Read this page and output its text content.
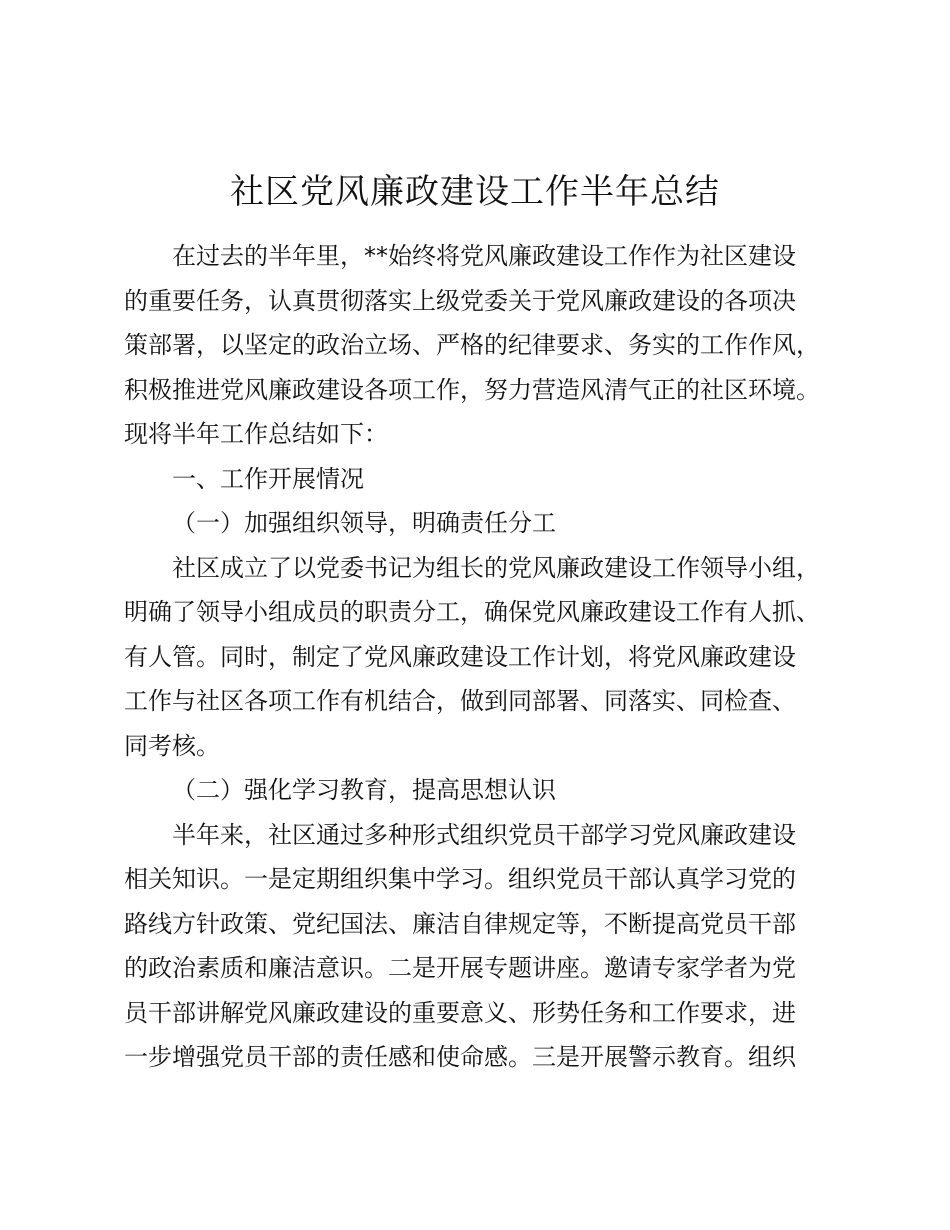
社区党风廉政建设工作半年总结
在过去的半年里，**始终将党风廉政建设工作作为社区建设
的重要任务，认真贯彻落实上级党委关于党风廉政建设的各项决
策部署，以坚定的政治立场、严格的纪律要求、务实的工作作风，
积极推进党风廉政建设各项工作，努力营造风清气正的社区环境。
现将半年工作总结如下：
一、工作开展情况
（一）加强组织领导，明确责任分工
社区成立了以党委书记为组长的党风廉政建设工作领导小组，
明确了领导小组成员的职责分工，确保党风廉政建设工作有人抓、
有人管。同时，制定了党风廉政建设工作计划，将党风廉政建设
工作与社区各项工作有机结合，做到同部署、同落实、同检查、
同考核。
（二）强化学习教育，提高思想认识
半年来，社区通过多种形式组织党员干部学习党风廉政建设
相关知识。一是定期组织集中学习。组织党员干部认真学习党的
路线方针政策、党纪国法、廉洁自律规定等，不断提高党员干部
的政治素质和廉洁意识。二是开展专题讲座。邀请专家学者为党
员干部讲解党风廉政建设的重要意义、形势任务和工作要求，进
一步增强党员干部的责任感和使命感。三是开展警示教育。组织
